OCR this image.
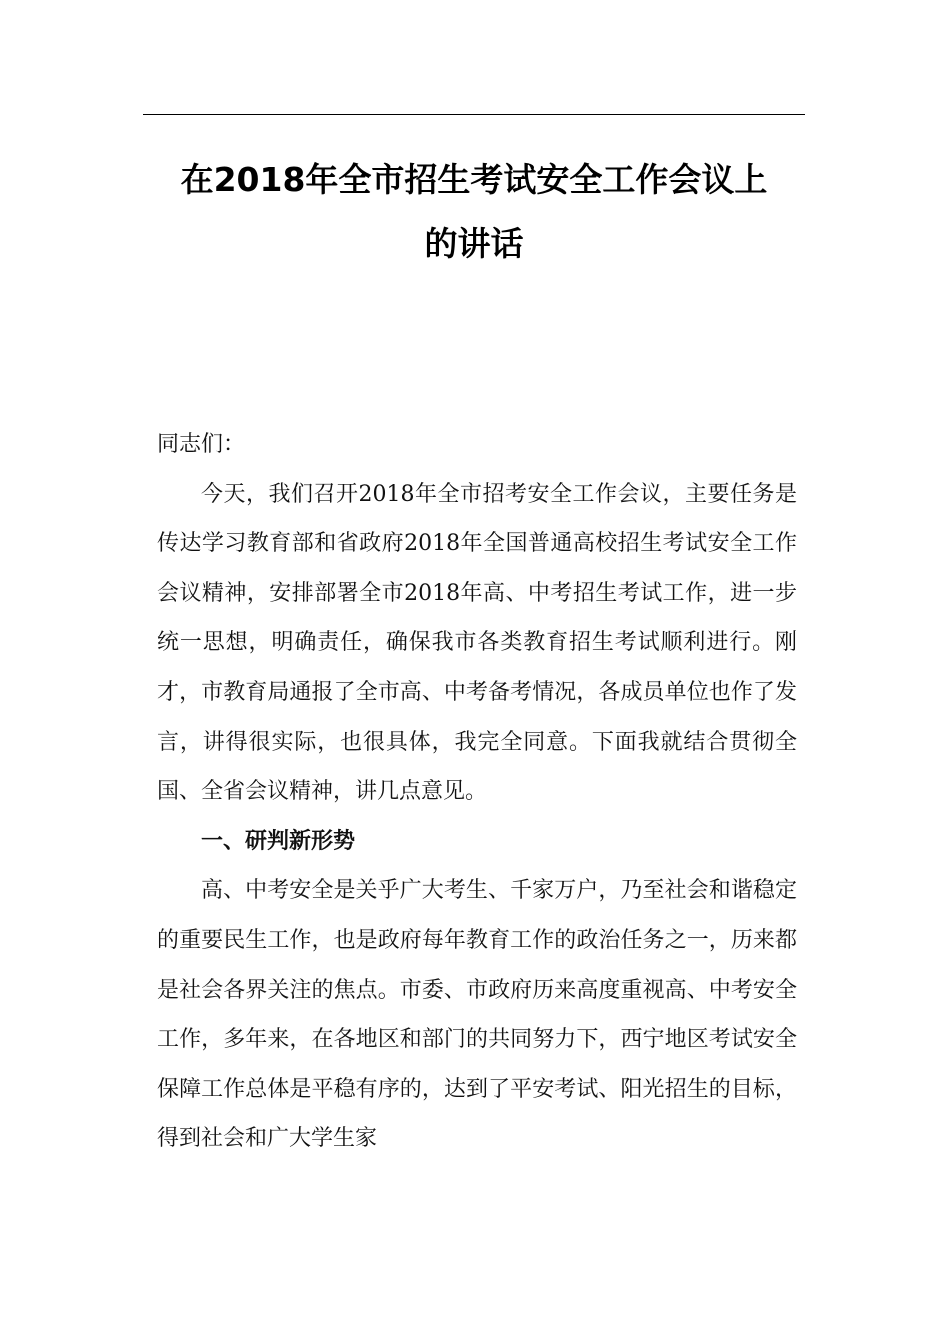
在2018年全市招生考试安全工作会议上
的讲话

同志们：

今天，我们召开2018年全市招考安全工作会议，主要任务是传达学习教育部和省政府2018年全国普通高校招生考试安全工作会议精神，安排部署全市2018年高、中考招生考试工作，进一步统一思想，明确责任，确保我市各类教育招生考试顺利进行。刚才，市教育局通报了全市高、中考备考情况，各成员单位也作了发言，讲得很实际，也很具体，我完全同意。下面我就结合贯彻全国、全省会议精神，讲几点意见。

一、研判新形势

高、中考安全是关乎广大考生、千家万户，乃至社会和谐稳定的重要民生工作，也是政府每年教育工作的政治任务之一，历来都是社会各界关注的焦点。市委、市政府历来高度重视高、中考安全工作，多年来，在各地区和部门的共同努力下，西宁地区考试安全保障工作总体是平稳有序的，达到了平安考试、阳光招生的目标，得到社会和广大学生家
